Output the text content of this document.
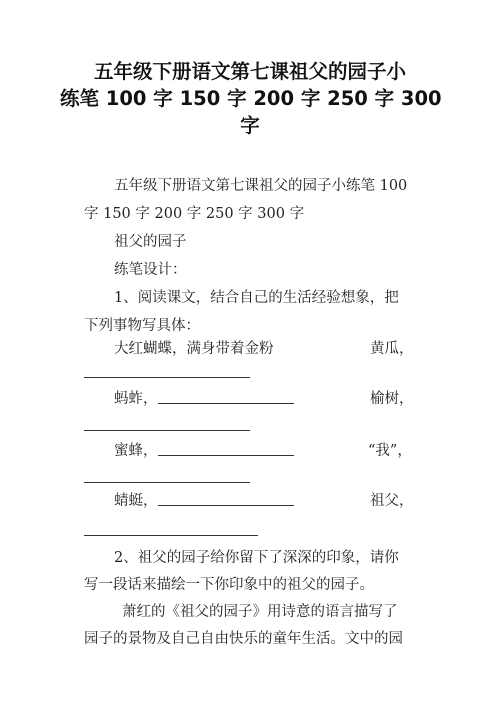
五年级下册语文第七课祖父的园子小
练笔 100 字 150 字 200 字 250 字 300
字
五年级下册语文第七课祖父的园子小练笔 100
字 150 字 200 字 250 字 300 字
祖父的园子
练笔设计：
1、阅读课文，结合自己的生活经验想象，把
下列事物写具体：
大红蝴蝶，满身带着金粉	黄瓜，
蚂蚱，	榆树，
蜜蜂，	“我”，
蜻蜓，	祖父，
2、祖父的园子给你留下了深深的印象，请你
写一段话来描绘一下你印象中的祖父的园子。
萧红的《祖父的园子》用诗意的语言描写了
园子的景物及自己自由快乐的童年生活。文中的园
